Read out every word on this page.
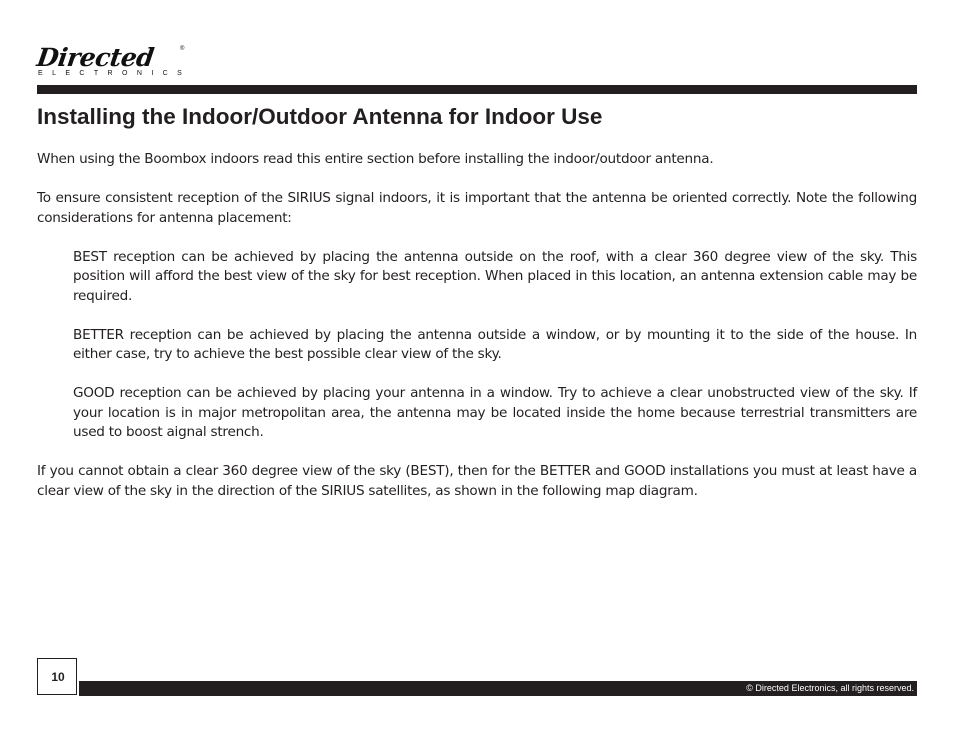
Directed	®
ELECTRONICS
Installing the Indoor/Outdoor Antenna for Indoor Use

When using the Boombox indoors read this entire section before installing the indoor/outdoor antenna.

To ensure consistent reception of the SIRIUS signal indoors, it is important that the antenna be oriented correctly. Note the following considerations for antenna placement:

BEST reception can be achieved by placing the antenna outside on the roof, with a clear 360 degree view of the sky. This position will afford the best view of the sky for best reception. When placed in this location, an antenna extension cable may be required.

BETTER reception can be achieved by placing the antenna outside a window, or by mounting it to the side of the house. In either case, try to achieve the best possible clear view of the sky.

GOOD reception can be achieved by placing your antenna in a window. Try to achieve a clear unobstructed view of the sky. If your location is in major metropolitan area, the antenna may be located inside the home because terrestrial transmitters are used to boost aignal strench.

If you cannot obtain a clear 360 degree view of the sky (BEST), then for the BETTER and GOOD installations you must at least have a clear view of the sky in the direction of the SIRIUS satellites, as shown in the following map diagram.

10
© Directed Electronics, all rights reserved.
